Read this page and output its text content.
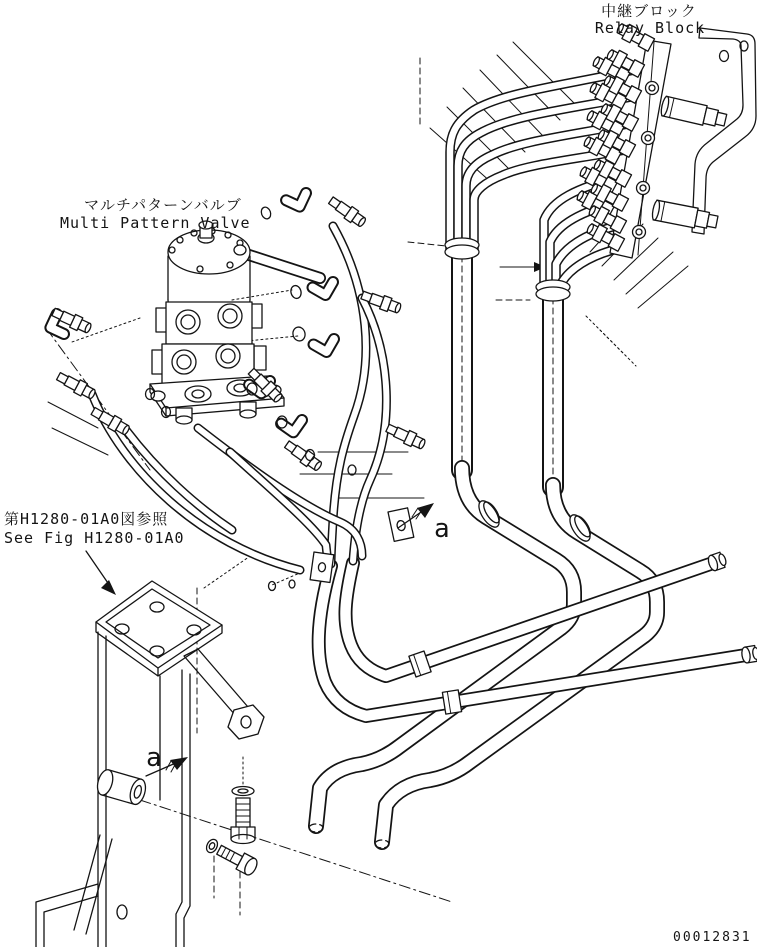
中継ブロック
Relay Block
マルチパターンバルブ
Multi Pattern Valve
第H1280-01A0図参照
See Fig H1280-01A0	a
a
00012831
